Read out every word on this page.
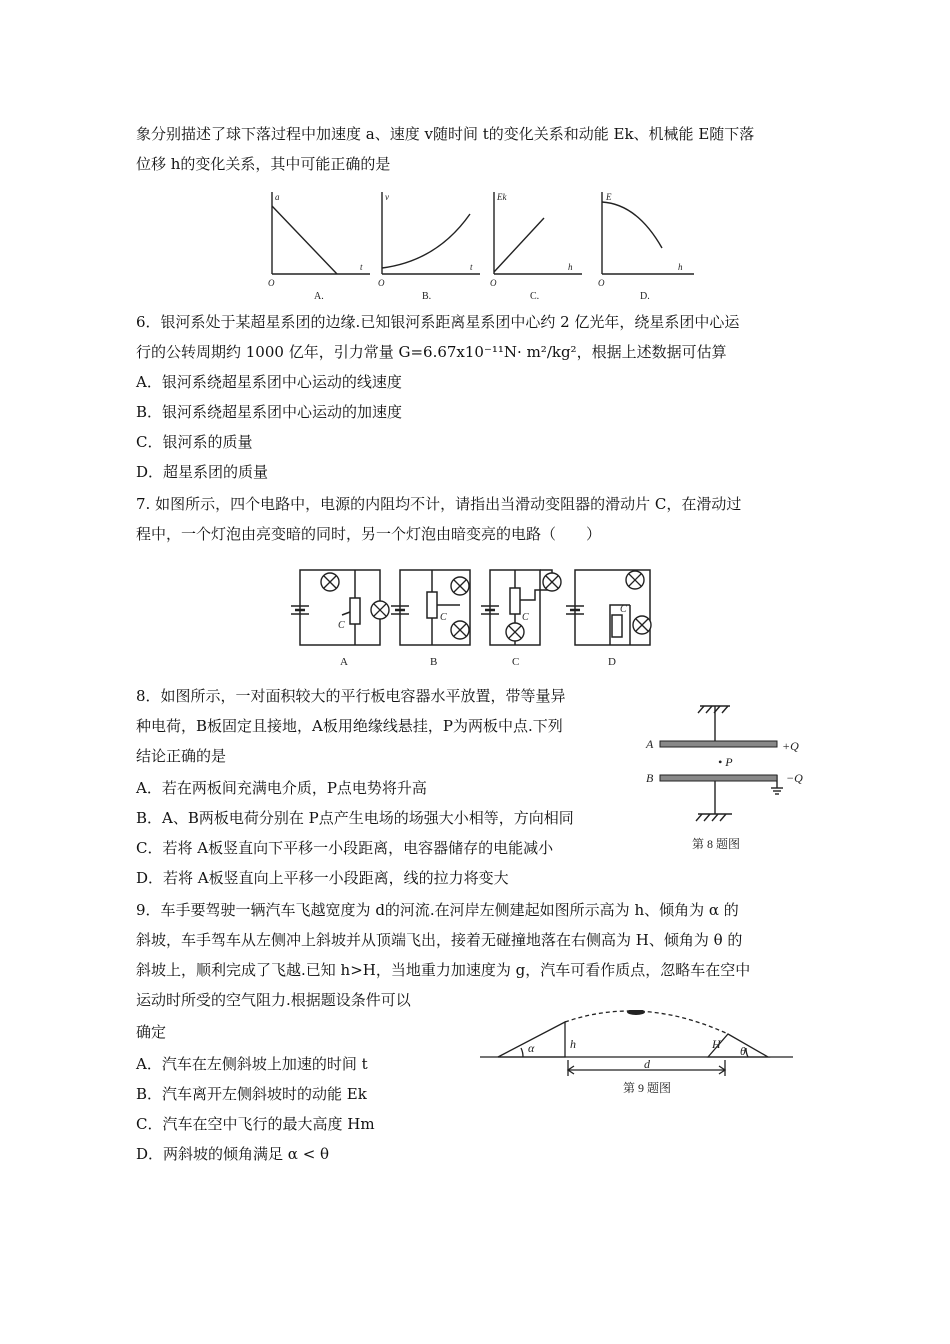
象分别描述了球下落过程中加速度 a、速度 v随时间 t的变化关系和动能 Ek、机械能 E随下落
位移 h的变化关系，其中可能正确的是
a
t
O
v
t
O
Ek
h
O
E
h
O
A.	B.	C.	D.
6．银河系处于某超星系团的边缘.已知银河系距离星系团中心约 2 亿光年，绕星系团中心运
行的公转周期约 1000 亿年，引力常量 G=6.67x10⁻¹¹N· m²/kg²，根据上述数据可估算
A．银河系绕超星系团中心运动的线速度
B．银河系绕超星系团中心运动的加速度
C．银河系的质量
D．超星系团的质量
7. 如图所示，四个电路中，电源的内阻均不计，请指出当滑动变阻器的滑动片 C，在滑动过
程中，一个灯泡由亮变暗的同时，另一个灯泡由暗变亮的电路（　　）
C
C	C
C
A	B	C	D
8．如图所示，一对面积较大的平行板电容器水平放置，带等量异
种电荷，B板固定且接地，A板用绝缘线悬挂，P为两板中点.下列
结论正确的是
A．若在两板间充满电介质，P点电势将升高
B．A、B两板电荷分别在 P点产生电场的场强大小相等，方向相同
C．若将 A板竖直向下平移一小段距离，电容器储存的电能减小
D．若将 A板竖直向上平移一小段距离，线的拉力将变大
A
B
• P
+Q
−Q
第 8 题图
9．车手要驾驶一辆汽车飞越宽度为 d的河流.在河岸左侧建起如图所示高为 h、倾角为 α 的
斜坡，车手驾车从左侧冲上斜坡并从顶端飞出，接着无碰撞地落在右侧高为 H、倾角为 θ 的
斜坡上，顺利完成了飞越.已知 h>H，当地重力加速度为 g，汽车可看作质点，忽略车在空中
运动时所受的空气阻力.根据题设条件可以
确定
A．汽车在左侧斜坡上加速的时间 t
B．汽车离开左侧斜坡时的动能 Ek
C．汽车在空中飞行的最大高度 Hm
D．两斜坡的倾角满足 α < θ
α	h	H θ
d
第 9 题图
